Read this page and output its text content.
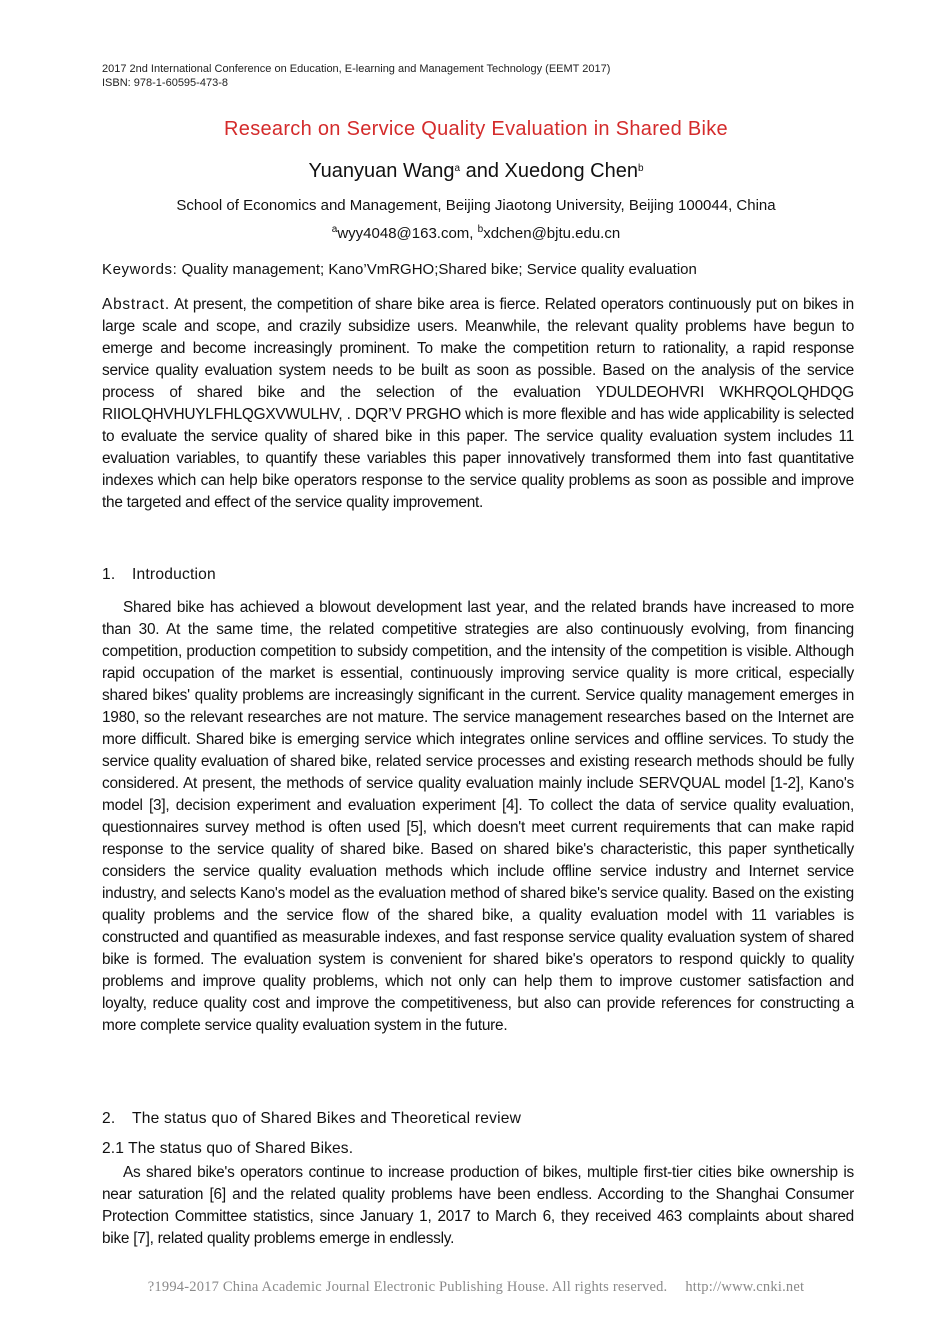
2017 2nd International Conference on Education, E-learning and Management Technology (EEMT 2017)
ISBN: 978-1-60595-473-8
Research on Service Quality Evaluation in Shared Bike
Yuanyuan Wang$^a$ and Xuedong Chen$^b$
School of Economics and Management, Beijing Jiaotong University, Beijing 100044, China
$^a$wyy4048@163.com, $^b$xdchen@bjtu.edu.cn
Keywords: Quality management; Kano’VmRGHO;Shared bike; Service quality evaluation

Abstract. At present, the competition of share bike area is fierce. Related operators continuously put on bikes in large scale and scope, and crazily subsidize users. Meanwhile, the relevant quality problems have begun to emerge and become increasingly prominent. To make the competition return to rationality, a rapid response service quality evaluation system needs to be built as soon as possible. Based on the analysis of the service process of shared bike and the selection of the evaluation YDULDEOHVRI WKHRQOLQHDQG RIIOLQHVHUYLFHLQGXVWULHV, . DQR’V PRGHO which is more flexible and has wide applicability is selected to evaluate the service quality of shared bike in this paper. The service quality evaluation system includes 11 evaluation variables, to quantify these variables this paper innovatively transformed them into fast quantitative indexes which can help bike operators response to the service quality problems as soon as possible and improve the targeted and effect of the service quality improvement.

1. Introduction

Shared bike has achieved a blowout development last year, and the related brands have increased to more than 30. At the same time, the related competitive strategies are also continuously evolving, from financing competition, production competition to subsidy competition, and the intensity of the competition is visible. Although rapid occupation of the market is essential, continuously improving service quality is more critical, especially shared bikes' quality problems are increasingly significant in the current. Service quality management emerges in 1980, so the relevant researches are not mature. The service management researches based on the Internet are more difficult. Shared bike is emerging service which integrates online services and offline services. To study the service quality evaluation of shared bike, related service processes and existing research methods should be fully considered. At present, the methods of service quality evaluation mainly include SERVQUAL model [1-2], Kano's model [3], decision experiment and evaluation experiment [4]. To collect the data of service quality evaluation, questionnaires survey method is often used [5], which doesn't meet current requirements that can make rapid response to the service quality of shared bike. Based on shared bike's characteristic, this paper synthetically considers the service quality evaluation methods which include offline service industry and Internet service industry, and selects Kano's model as the evaluation method of shared bike's service quality. Based on the existing quality problems and the service flow of the shared bike, a quality evaluation model with 11 variables is constructed and quantified as measurable indexes, and fast response service quality evaluation system of shared bike is formed. The evaluation system is convenient for shared bike's operators to respond quickly to quality problems and improve quality problems, which not only can help them to improve customer satisfaction and loyalty, reduce quality cost and improve the competitiveness, but also can provide references for constructing a more complete service quality evaluation system in the future.

2. The status quo of Shared Bikes and Theoretical review
2.1 The status quo of Shared Bikes.

As shared bike's operators continue to increase production of bikes, multiple first-tier cities bike ownership is near saturation [6] and the related quality problems have been endless. According to the Shanghai Consumer Protection Committee statistics, since January 1, 2017 to March 6, they received 463 complaints about shared bike [7], related quality problems emerge in endlessly.

?1994-2017 China Academic Journal Electronic Publishing House. All rights reserved. http://www.cnki.net
